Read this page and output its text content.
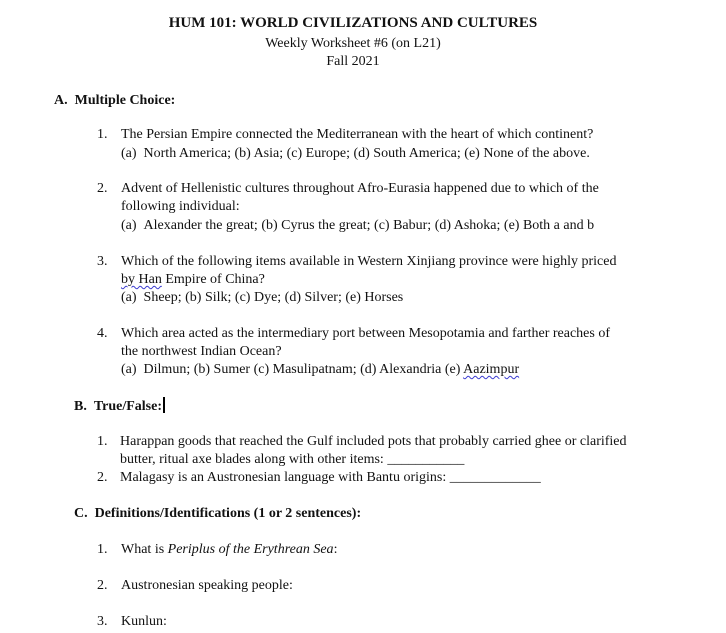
HUM 101: WORLD CIVILIZATIONS AND CULTURES
Weekly Worksheet #6 (on L21)
Fall 2021
A.  Multiple Choice:
1. The Persian Empire connected the Mediterranean with the heart of which continent?
(a)  North America; (b) Asia; (c) Europe; (d) South America; (e) None of the above.
2. Advent of Hellenistic cultures throughout Afro-Eurasia happened due to which of the
following individual:
(a)  Alexander the great; (b) Cyrus the great; (c) Babur; (d) Ashoka; (e) Both a and b
3. Which of the following items available in Western Xinjiang province were highly priced
by Han Empire of China?
(a)  Sheep; (b) Silk; (c) Dye; (d) Silver; (e) Horses
4. Which area acted as the intermediary port between Mesopotamia and farther reaches of
the northwest Indian Ocean?
(a)  Dilmun; (b) Sumer (c) Masulipatnam; (d) Alexandria (e) Aazimpur
B.  True/False:
1. Harappan goods that reached the Gulf included pots that probably carried ghee or clarified
butter, ritual axe blades along with other items: ___________
2. Malagasy is an Austronesian language with Bantu origins: _____________
C.  Definitions/Identifications (1 or 2 sentences):
1. What is Periplus of the Erythrean Sea:
2. Austronesian speaking people:
3. Kunlun:
